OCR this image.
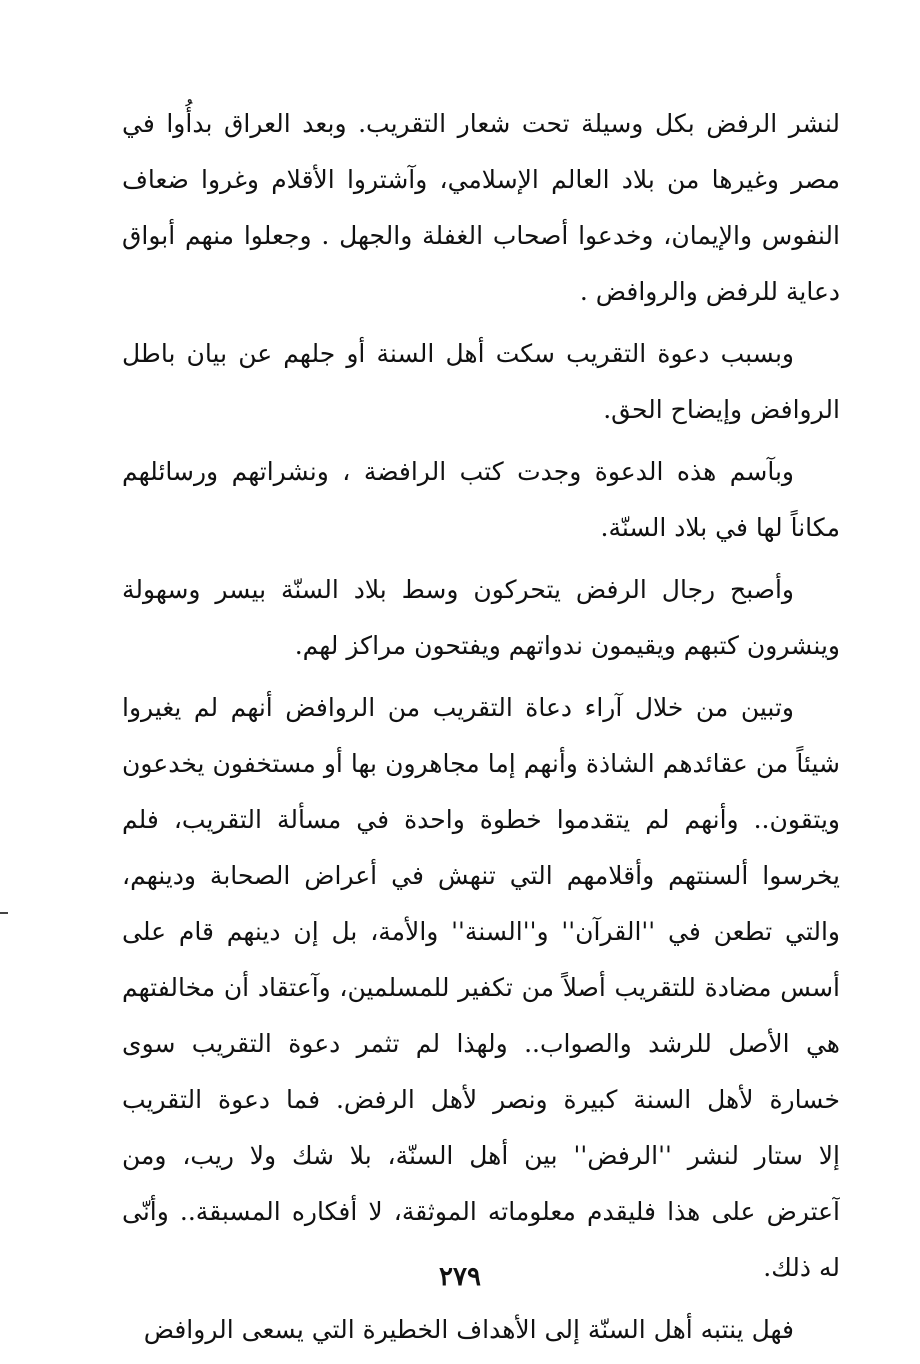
لنشر الرفض بكل وسيلة تحت شعار التقريب. وبعد العراق بدأُوا في
مصر وغيرها من بلاد العالم الإسلامي، وآشتروا الأقلام وغروا ضعاف
النفوس والإيمان، وخدعوا أصحاب الغفلة والجهل . وجعلوا منهم أبواق
دعاية للرفض والروافض .
وبسبب دعوة التقريب سكت أهل السنة أو جلهم عن بيان باطل
الروافض وإيضاح الحق.
وبآسم هذه الدعوة وجدت كتب الرافضة ، ونشراتهم ورسائلهم
مكاناً لها في بلاد السنّة.
وأصبح رجال الرفض يتحركون وسط بلاد السنّة بيسر وسهولة
وينشرون كتبهم ويقيمون ندواتهم ويفتحون مراكز لهم.
وتبين من خلال آراء دعاة التقريب من الروافض أنهم لم يغيروا
شيئاً من عقائدهم الشاذة وأنهم إما مجاهرون بها أو مستخفون يخدعون
ويتقون.. وأنهم لم يتقدموا خطوة واحدة في مسألة التقريب، فلم
يخرسوا ألسنتهم وأقلامهم التي تنهش في أعراض الصحابة ودينهم،
والتي تطعن في ''القرآن'' و''السنة'' والأمة، بل إن دينهم قام على
أسس مضادة للتقريب أصلاً من تكفير للمسلمين، وآعتقاد أن مخالفتهم
هي الأصل للرشد والصواب.. ولهذا لم تثمر دعوة التقريب سوى
خسارة لأهل السنة كبيرة ونصر لأهل الرفض. فما دعوة التقريب
إلا ستار لنشر ''الرفض'' بين أهل السنّة، بلا شك ولا ريب، ومن
آعترض على هذا فليقدم معلوماته الموثقة، لا أفكاره المسبقة.. وأنّى
له ذلك.
فهل ينتبه أهل السنّة إلى الأهداف الخطيرة التي يسعى الروافض
٢٧٩
